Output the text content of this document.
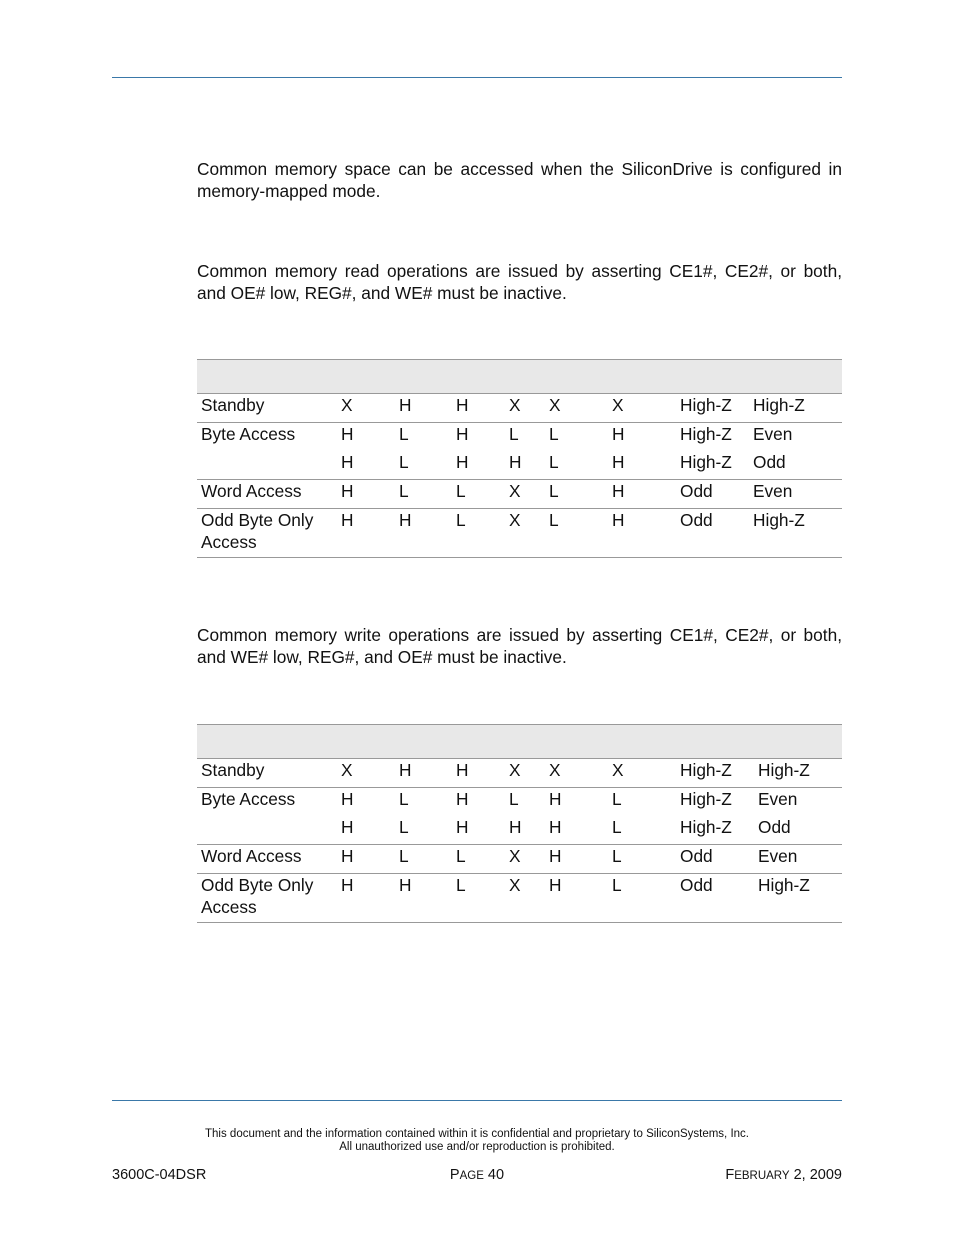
Common memory space can be accessed when the SiliconDrive is configured in memory-mapped mode.

Common memory read operations are issued by asserting CE1#, CE2#, or both, and OE# low, REG#, and WE# must be inactive.

Standby	X	H	H	X	X	X	High-Z	High-Z
Byte Access	H	L	H	L	L	H	High-Z	Even
	H	L	H	H	L	H	High-Z	Odd
Word Access	H	L	L	X	L	H	Odd	Even
Odd Byte Only Access	H	H	L	X	L	H	Odd	High-Z

Common memory write operations are issued by asserting CE1#, CE2#, or both, and WE# low, REG#, and OE# must be inactive.

Standby	X	H	H	X	X	X	High-Z	High-Z
Byte Access	H	L	H	L	H	L	High-Z	Even
	H	L	H	H	H	L	High-Z	Odd
Word Access	H	L	L	X	H	L	Odd	Even
Odd Byte Only Access	H	H	L	X	H	L	Odd	High-Z

This document and the information contained within it is confidential and proprietary to SiliconSystems, Inc.
All unauthorized use and/or reproduction is prohibited.

3600C-04DSR	PAGE 40	FEBRUARY 2, 2009
